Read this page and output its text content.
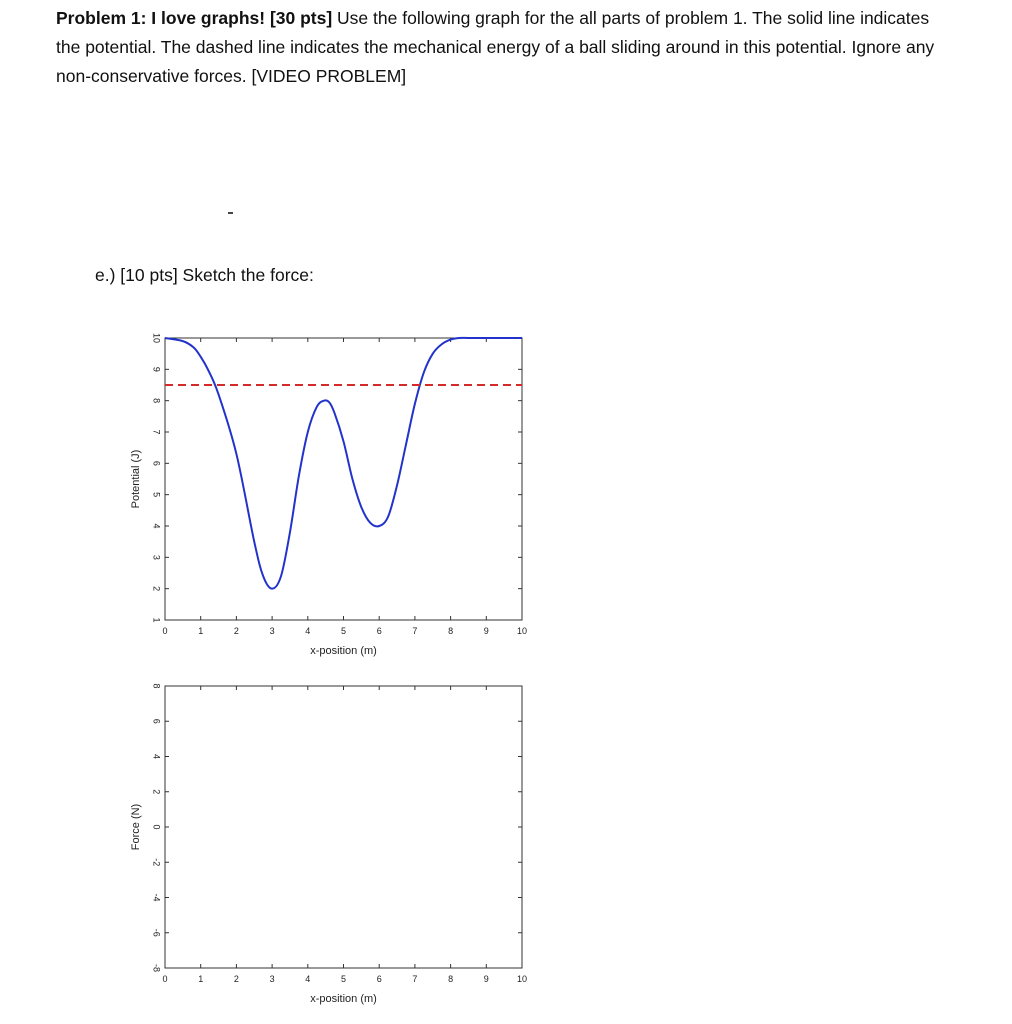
Problem 1: I love graphs! [30 pts] Use the following graph for the all parts of problem 1. The solid line indicates the potential. The dashed line indicates the mechanical energy of a ball sliding around in this potential. Ignore any non-conservative forces. [VIDEO PROBLEM]
e.) [10 pts] Sketch the force:
0	1	2	3	4	5	6	7	8	9	10
1
2
3
4
5
6
7
8
9
10
x-position (m)
Potential (J)
0	1	2	3	4	5	6	7	8	9	10
-8
-6
-4
-2
0
2
4
6
8
x-position (m)
Force (N)
